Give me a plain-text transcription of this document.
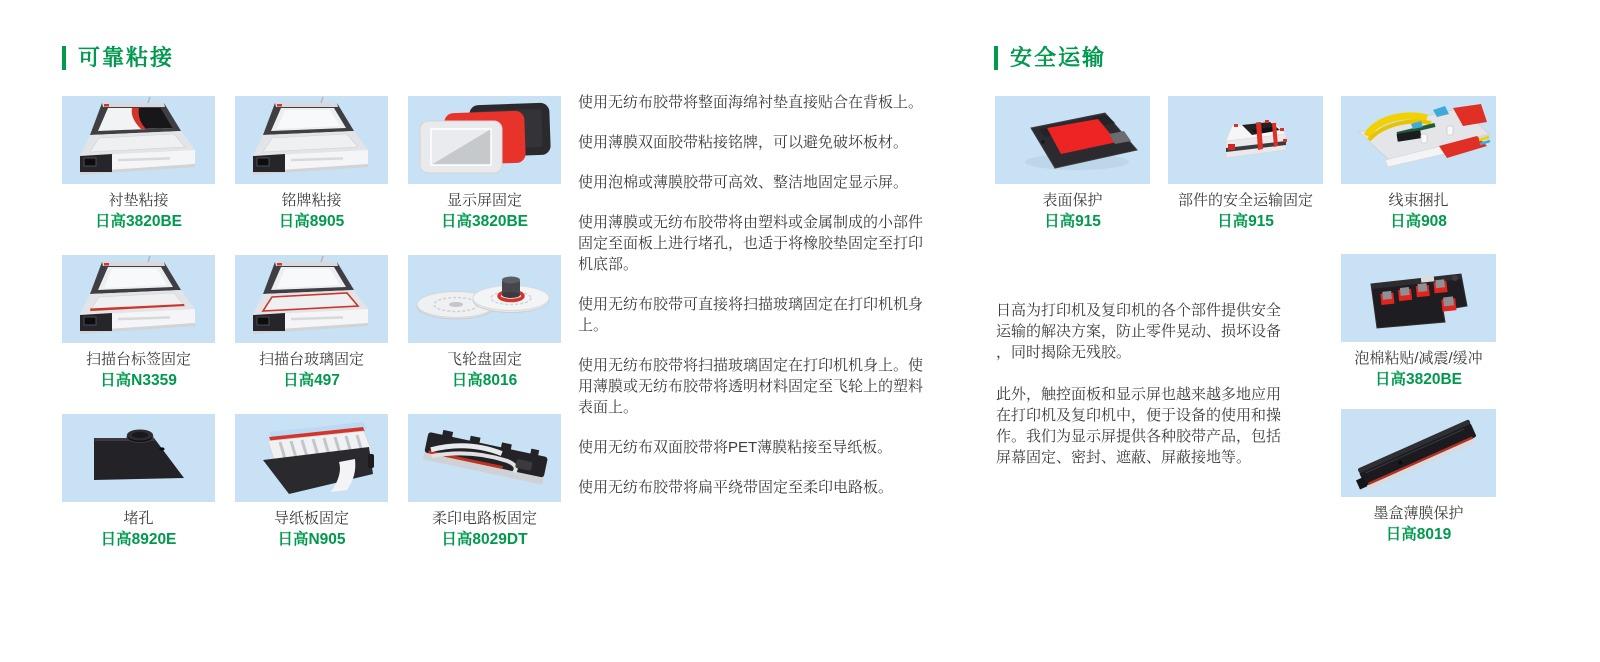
可靠粘接
衬垫粘接
日高3820BE
铭牌粘接
日高8905
显示屏固定
日高3820BE
扫描台标签固定
日高N3359
扫描台玻璃固定
日高497
飞轮盘固定
日高8016
堵孔
日高8920E
导纸板固定
日高N905
柔印电路板固定
日高8029DT

使用无纺布胶带将整面海绵衬垫直接贴合在背板上。

使用薄膜双面胶带粘接铭牌，可以避免破坏板材。

使用泡棉或薄膜胶带可高效、整洁地固定显示屏。

使用薄膜或无纺布胶带将由塑料或金属制成的小部件固定至面板上进行堵孔，也适于将橡胶垫固定至打印机底部。

使用无纺布胶带可直接将扫描玻璃固定在打印机机身上。

使用无纺布胶带将扫描玻璃固定在打印机机身上。使用薄膜或无纺布胶带将透明材料固定至飞轮上的塑料表面上。

使用无纺布双面胶带将PET薄膜粘接至导纸板。

使用无纺布胶带将扁平绕带固定至柔印电路板。

安全运输
表面保护
日高915
部件的安全运输固定
日高915
线束捆扎
日高908
泡棉粘贴/减震/缓冲
日高3820BE
墨盒薄膜保护
日高8019

日高为打印机及复印机的各个部件提供安全运输的解决方案，防止零件晃动、损坏设备，同时揭除无残胶。

此外，触控面板和显示屏也越来越多地应用在打印机及复印机中，便于设备的使用和操作。我们为显示屏提供各种胶带产品，包括屏幕固定、密封、遮蔽、屏蔽接地等。
